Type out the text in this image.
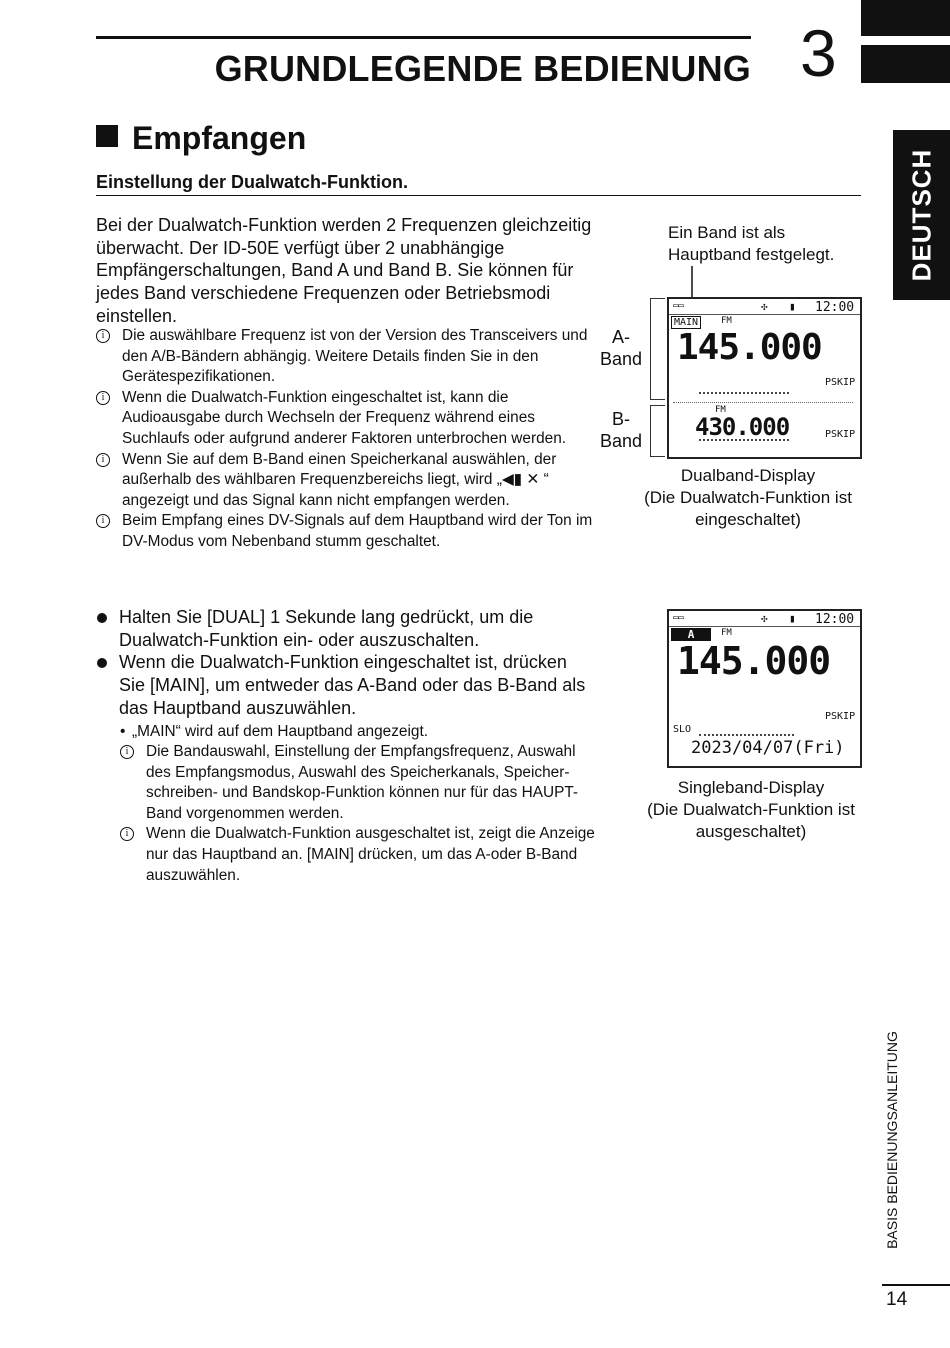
GRUNDLEGENDE BEDIENUNG 3
DEUTSCH
Empfangen
Einstellung der Dualwatch-Funktion.
Bei der Dualwatch-Funktion werden 2 Frequenzen gleichzeitig überwacht. Der ID-50E verfügt über 2 unabhängige Empfängerschaltungen, Band A und Band B. Sie können für jedes Band verschiedene Frequenzen oder Betriebsmodi einstellen.
i	Die auswählbare Frequenz ist von der Version des Transceivers und den A/B-Bändern abhängig. Weitere Details finden Sie in den Gerätespezifikationen.
i	Wenn die Dualwatch-Funktion eingeschaltet ist, kann die Audioausgabe durch Wechseln der Frequenz während eines Suchlaufs oder aufgrund anderer Faktoren unterbrochen werden.
i	Wenn Sie auf dem B-Band einen Speicherkanal auswählen, der außerhalb des wählbaren Frequenzbereichs liegt, wird „◀▮ ✕ “ angezeigt und das Signal kann nicht empfangen werden.
i	Beim Empfang eines DV-Signals auf dem Hauptband wird der Ton im DV-Modus vom Nebenband stumm geschaltet.
Halten Sie [DUAL] 1 Sekunde lang gedrückt, um die Dualwatch-Funktion ein- oder auszuschalten.
Wenn die Dualwatch-Funktion eingeschaltet ist, drücken Sie [MAIN], um entweder das A-Band oder das B-Band als das Hauptband auszuwählen.
• „MAIN“ wird auf dem Hauptband angezeigt.
i	Die Bandauswahl, Einstellung der Empfangsfrequenz, Auswahl des Empfangsmodus, Auswahl des Speicherkanals, Speicher-schreiben- und Bandskop-Funktion können nur für das HAUPT-Band vorgenommen werden.
i	Wenn die Dualwatch-Funktion ausgeschaltet ist, zeigt die Anzeige nur das Hauptband an. [MAIN] drücken, um das A-oder B-Band auszuwählen.
Ein Band ist als Hauptband festgelegt.
A-Band
B-Band
▭▭	✣ ▮ 12:00
MAIN	FM
145.000
PSKIP
FM
430.000	PSKIP
Dualband-Display
(Die Dualwatch-Funktion ist eingeschaltet)
▭▭	✣ ▮ 12:00
A	FM
145.000
PSKIP
SLO
2023/04/07(Fri)
Singleband-Display
(Die Dualwatch-Funktion ist ausgeschaltet)
BASIS BEDIENUNGSANLEITUNG
14
